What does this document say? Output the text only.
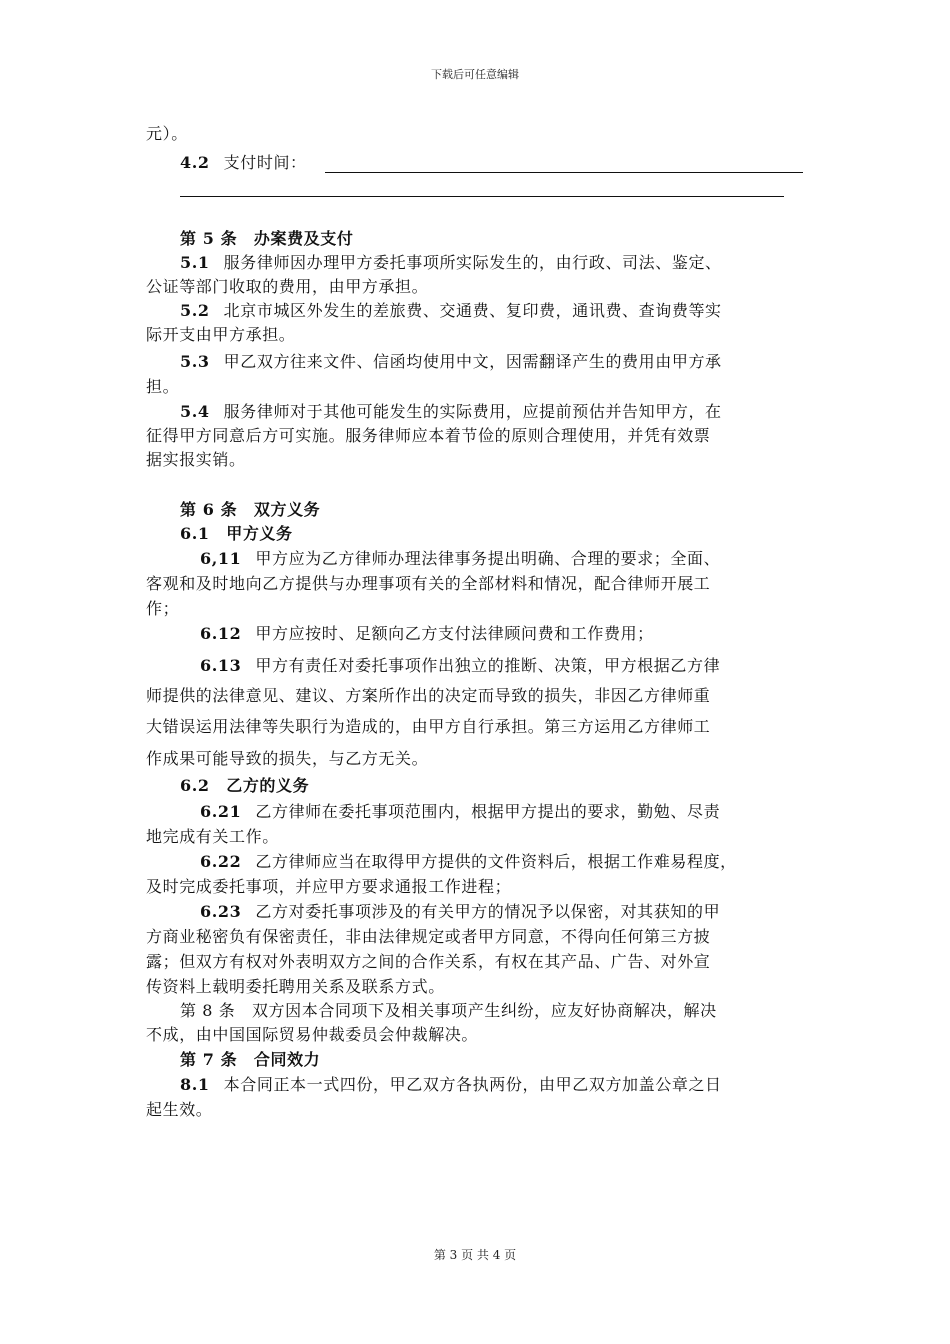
下载后可任意编辑
元）。
4.2 支付时间：
第 5 条　办案费及支付
5.1 服务律师因办理甲方委托事项所实际发生的，由行政、司法、鉴定、
公证等部门收取的费用，由甲方承担。
5.2 北京市城区外发生的差旅费、交通费、复印费，通讯费、查询费等实
际开支由甲方承担。
5.3 甲乙双方往来文件、信函均使用中文，因需翻译产生的费用由甲方承
担。
5.4 服务律师对于其他可能发生的实际费用，应提前预估并告知甲方，在
征得甲方同意后方可实施。服务律师应本着节俭的原则合理使用，并凭有效票
据实报实销。
第 6 条　双方义务
6.1　甲方义务
6,11 甲方应为乙方律师办理法律事务提出明确、合理的要求；全面、
客观和及时地向乙方提供与办理事项有关的全部材料和情况，配合律师开展工
作；
6.12 甲方应按时、足额向乙方支付法律顾问费和工作费用；
6.13 甲方有责任对委托事项作出独立的推断、决策，甲方根据乙方律
师提供的法律意见、建议、方案所作出的决定而导致的损失，非因乙方律师重
大错误运用法律等失职行为造成的，由甲方自行承担。第三方运用乙方律师工
作成果可能导致的损失，与乙方无关。
6.2　乙方的义务
6.21 乙方律师在委托事项范围内，根据甲方提出的要求，勤勉、尽责
地完成有关工作。
6.22 乙方律师应当在取得甲方提供的文件资料后，根据工作难易程度，
及时完成委托事项，并应甲方要求通报工作进程；
6.23 乙方对委托事项涉及的有关甲方的情况予以保密，对其获知的甲
方商业秘密负有保密责任，非由法律规定或者甲方同意，不得向任何第三方披
露；但双方有权对外表明双方之间的合作关系，有权在其产品、广告、对外宣
传资料上载明委托聘用关系及联系方式。
第 8 条　双方因本合同项下及相关事项产生纠纷，应友好协商解决，解决
不成，由中国国际贸易仲裁委员会仲裁解决。
第 7 条　合同效力
8.1 本合同正本一式四份，甲乙双方各执两份，由甲乙双方加盖公章之日
起生效。
第 3 页 共 4 页
